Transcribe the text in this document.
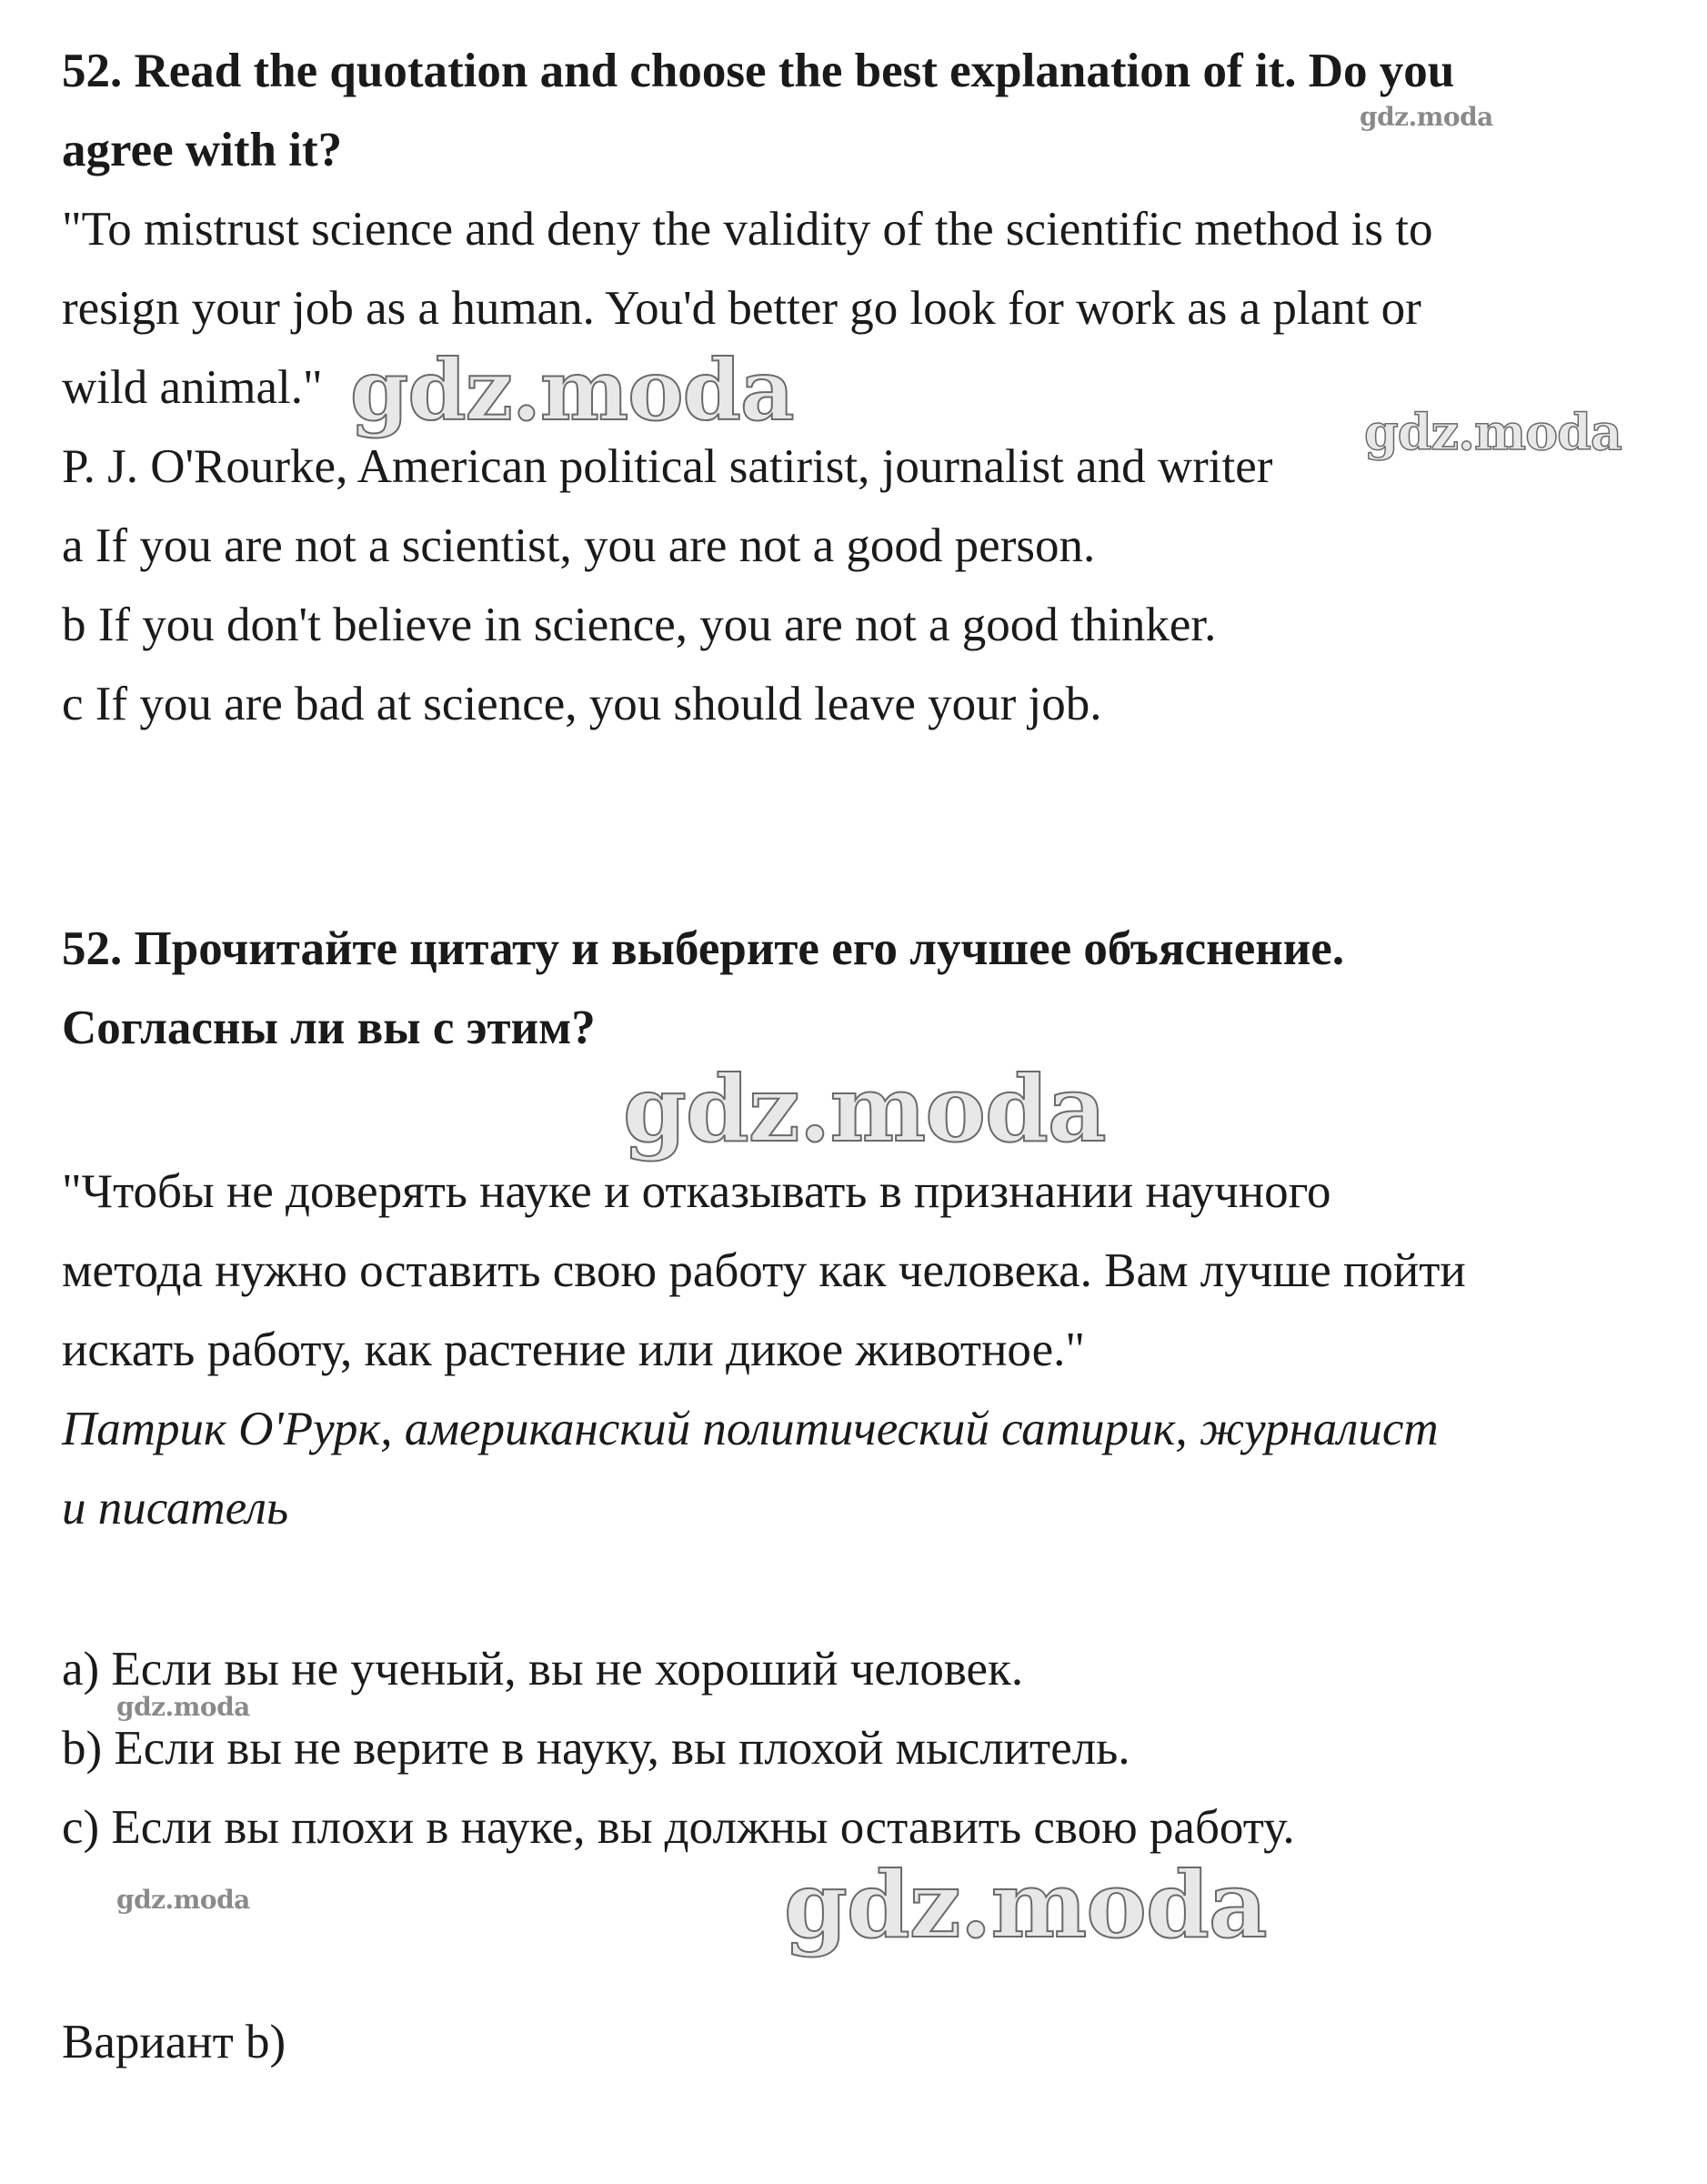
52. Read the quotation and choose the best explanation of it. Do you
agree with it?
"To mistrust science and deny the validity of the scientific method is to
resign your job as a human. You'd better go look for work as a plant or
wild animal."
P. J. O'Rourke, American political satirist, journalist and writer
a If you are not a scientist, you are not a good person.
b If you don't believe in science, you are not a good thinker.
c If you are bad at science, you should leave your job.
52. Прочитайте цитату и выберите его лучшее объяснение.
Согласны ли вы с этим?
"Чтобы не доверять науке и отказывать в признании научного
метода нужно оставить свою работу как человека. Вам лучше пойти
искать работу, как растение или дикое животное."
Патрик О'Рурк, американский политический сатирик, журналист
и писатель
a) Если вы не ученый, вы не хороший человек.
b) Если вы не верите в науку, вы плохой мыслитель.
c) Если вы плохи в науке, вы должны оставить свою работу.
Вариант b)
gdz.moda
gdz.moda	gdz.moda
gdz.moda
gdz.moda
gdz.moda	gdz.moda
